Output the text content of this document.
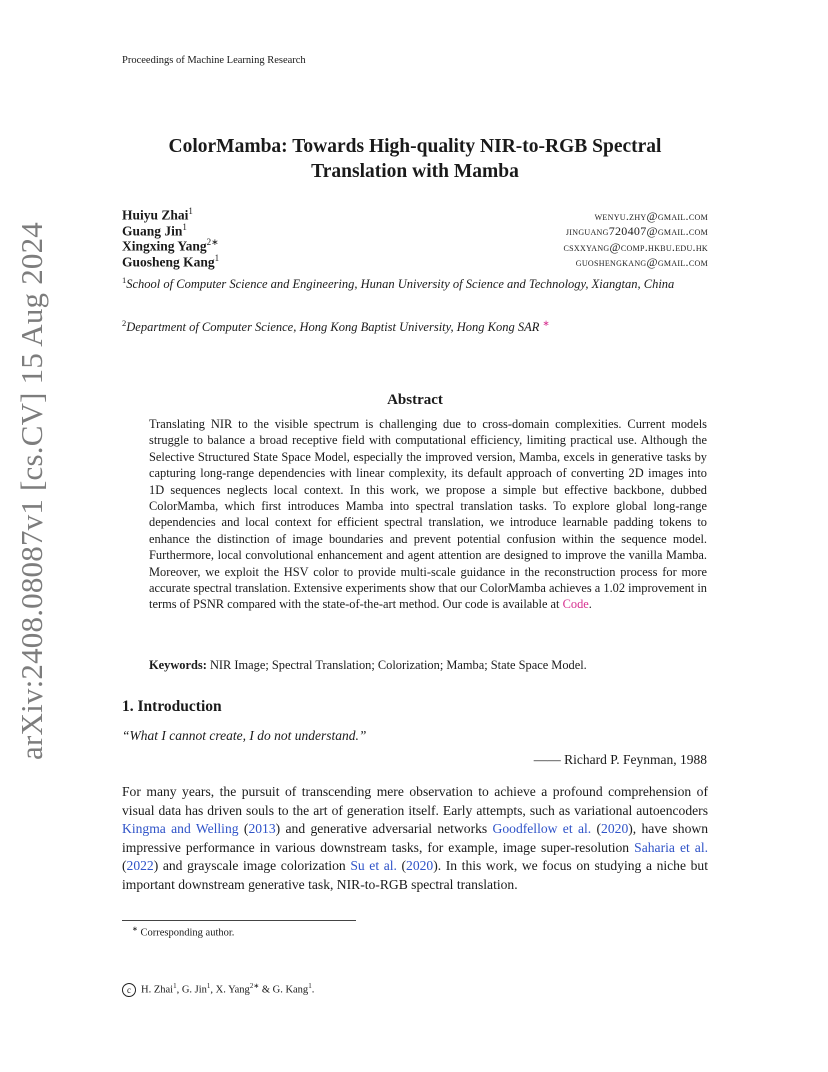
arXiv:2408.08087v1 [cs.CV] 15 Aug 2024
Proceedings of Machine Learning Research
ColorMamba: Towards High-quality NIR-to-RGB Spectral
Translation with Mamba
Huiyu Zhai$^1$	wenyu.zhy@gmail.com
Guang Jin$^1$	jinguang720407@gmail.com
Xingxing Yang$^{2∗}$	csxxyang@comp.hkbu.edu.hk
Guosheng Kang$^1$	guoshengkang@gmail.com
$^1$School of Computer Science and Engineering, Hunan University of Science and Technology, Xiangtan, China
$^2$Department of Computer Science, Hong Kong Baptist University, Hong Kong SAR ∗
Abstract
Translating NIR to the visible spectrum is challenging due to cross-domain complexities. Current models struggle to balance a broad receptive field with computational efficiency, limiting practical use. Although the Selective Structured State Space Model, especially the improved version, Mamba, excels in generative tasks by capturing long-range dependencies with linear complexity, its default approach of converting 2D images into 1D sequences neglects local context. In this work, we propose a simple but effective backbone, dubbed ColorMamba, which first introduces Mamba into spectral translation tasks. To explore global long-range dependencies and local context for efficient spectral translation, we introduce learnable padding tokens to enhance the distinction of image boundaries and prevent potential confusion within the sequence model. Furthermore, local convolutional enhancement and agent attention are designed to improve the vanilla Mamba. Moreover, we exploit the HSV color to provide multi-scale guidance in the reconstruction process for more accurate spectral translation. Extensive experiments show that our ColorMamba achieves a 1.02 improvement in terms of PSNR compared with the state-of-the-art method. Our code is available at Code.
Keywords: NIR Image; Spectral Translation; Colorization; Mamba; State Space Model.
1. Introduction
“What I cannot create, I do not understand.”
—— Richard P. Feynman, 1988
For many years, the pursuit of transcending mere observation to achieve a profound comprehension of visual data has driven souls to the art of generation itself. Early attempts, such as variational autoencoders Kingma and Welling (2013) and generative adversarial networks Goodfellow et al. (2020), have shown impressive performance in various downstream tasks, for example, image super-resolution Saharia et al. (2022) and grayscale image colorization Su et al. (2020). In this work, we focus on studying a niche but important downstream generative task, NIR-to-RGB spectral translation.
∗ Corresponding author.
c H. Zhai$^1$, G. Jin$^1$, X. Yang$^{2∗}$ & G. Kang$^1$.
